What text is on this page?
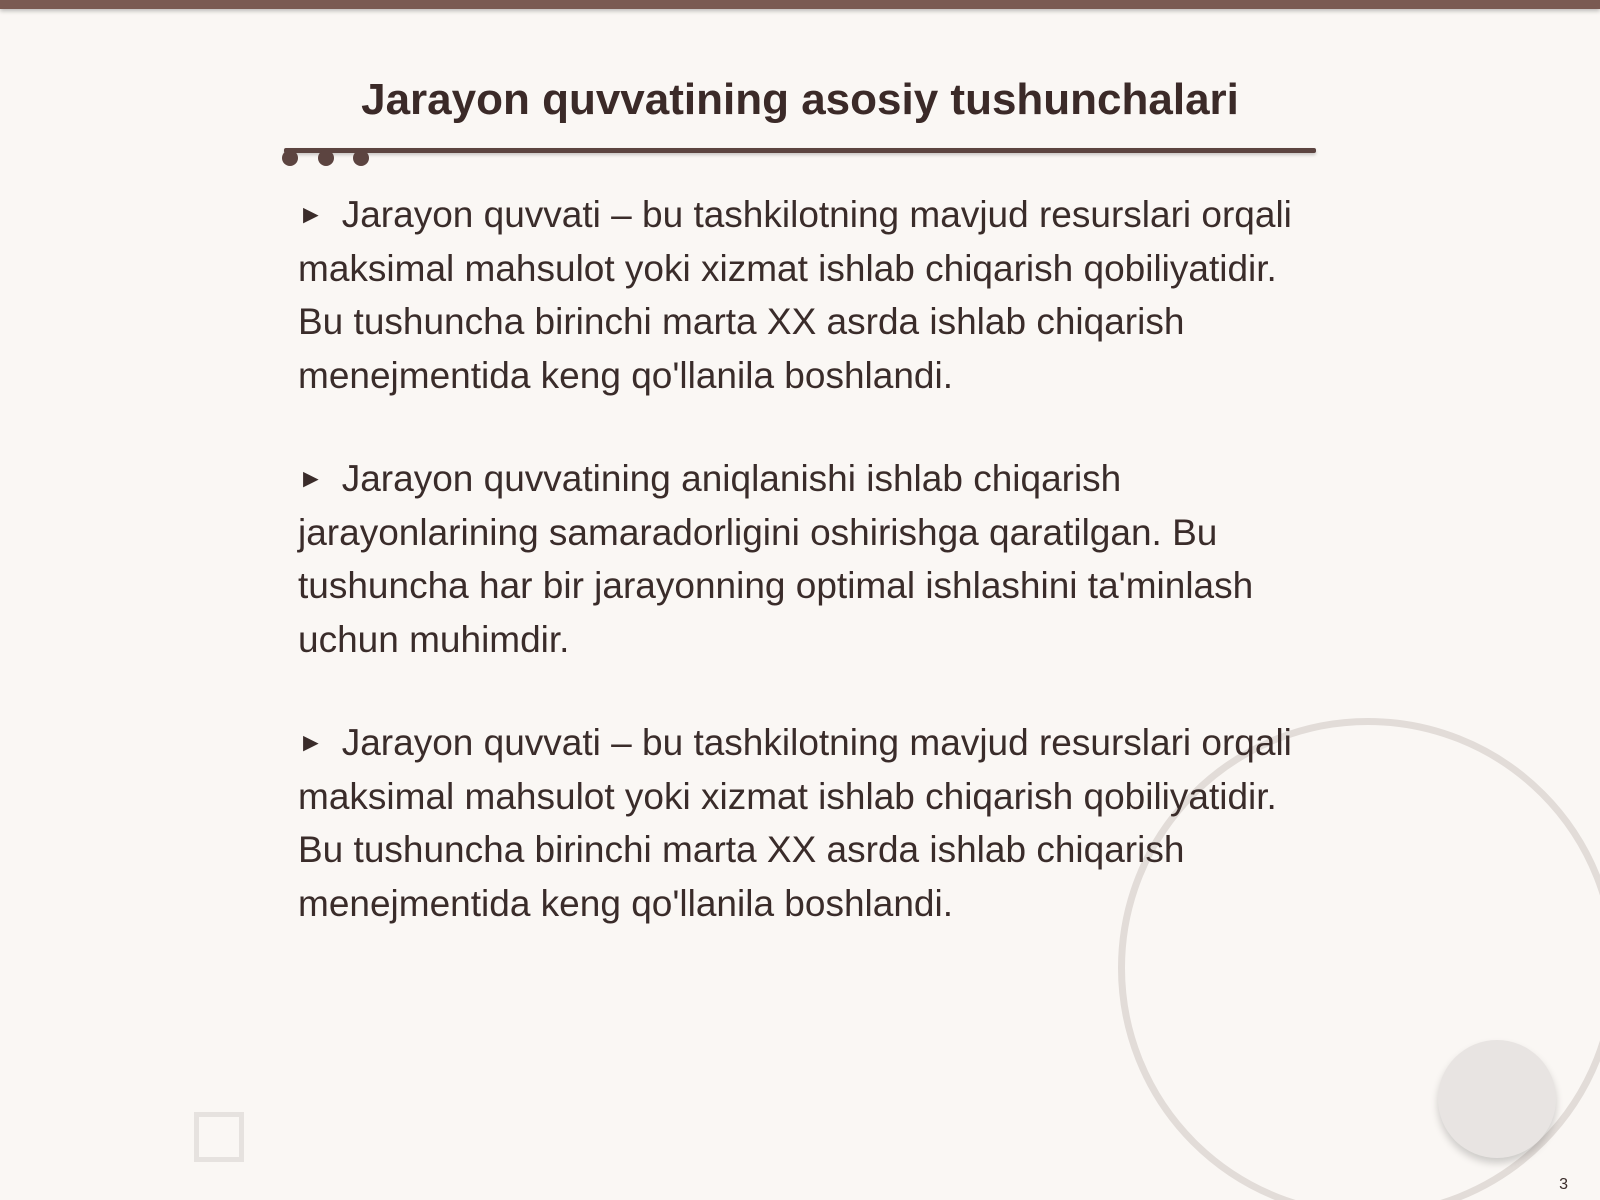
Jarayon quvvatining asosiy tushunchalari

► Jarayon quvvati – bu tashkilotning mavjud resurslari orqali maksimal mahsulot yoki xizmat ishlab chiqarish qobiliyatidir. Bu tushuncha birinchi marta XX asrda ishlab chiqarish menejmentida keng qo'llanila boshlandi.

► Jarayon quvvatining aniqlanishi ishlab chiqarish jarayonlarining samaradorligini oshirishga qaratilgan. Bu tushuncha har bir jarayonning optimal ishlashini ta'minlash uchun muhimdir.

► Jarayon quvvati – bu tashkilotning mavjud resurslari orqali maksimal mahsulot yoki xizmat ishlab chiqarish qobiliyatidir. Bu tushuncha birinchi marta XX asrda ishlab chiqarish menejmentida keng qo'llanila boshlandi.

3
